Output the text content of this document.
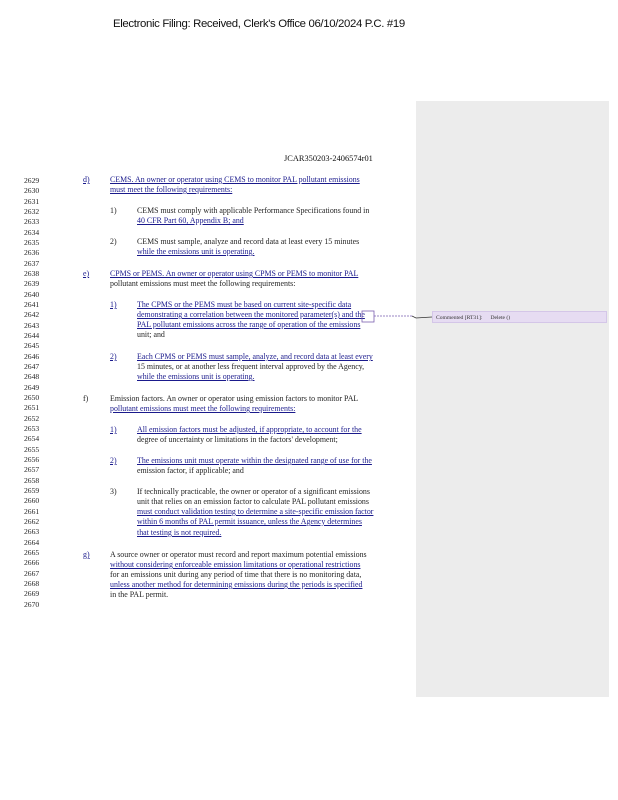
Electronic Filing: Received, Clerk's Office 06/10/2024 P.C. #19
JCAR350203-2406574r01
2629
2630
2631
2632
2633
2634
2635
2636
2637
2638
2639
2640
2641
2642
2643
2644
2645
2646
2647
2648
2649
2650
2651
2652
2653
2654
2655
2656
2657
2658
2659
2660
2661
2662
2663
2664
2665
2666
2667
2668
2669
2670
d)	CEMS. An owner or operator using CEMS to monitor PAL pollutant emissions
must meet the following requirements:
1)	CEMS must comply with applicable Performance Specifications found in
40 CFR Part 60, Appendix B; and
2)	CEMS must sample, analyze and record data at least every 15 minutes
while the emissions unit is operating.
e)	CPMS or PEMS. An owner or operator using CPMS or PEMS to monitor PAL
pollutant emissions must meet the following requirements:
1)	The CPMS or the PEMS must be based on current site-specific data
demonstrating a correlation between the monitored parameter(s) and the
PAL pollutant emissions across the range of operation of the emissions
unit; and
2)	Each CPMS or PEMS must sample, analyze, and record data at least every
15 minutes, or at another less frequent interval approved by the Agency,
while the emissions unit is operating.
f)	Emission factors. An owner or operator using emission factors to monitor PAL
pollutant emissions must meet the following requirements:
1)	All emission factors must be adjusted, if appropriate, to account for the
degree of uncertainty or limitations in the factors' development;
2)	The emissions unit must operate within the designated range of use for the
emission factor, if applicable; and
3)	If technically practicable, the owner or operator of a significant emissions
unit that relies on an emission factor to calculate PAL pollutant emissions
must conduct validation testing to determine a site-specific emission factor
within 6 months of PAL permit issuance, unless the Agency determines
that testing is not required.
g)	A source owner or operator must record and report maximum potential emissions
without considering enforceable emission limitations or operational restrictions
for an emissions unit during any period of time that there is no monitoring data,
unless another method for determining emissions during the periods is specified
in the PAL permit.
Commented [RT31]: Delete ()
